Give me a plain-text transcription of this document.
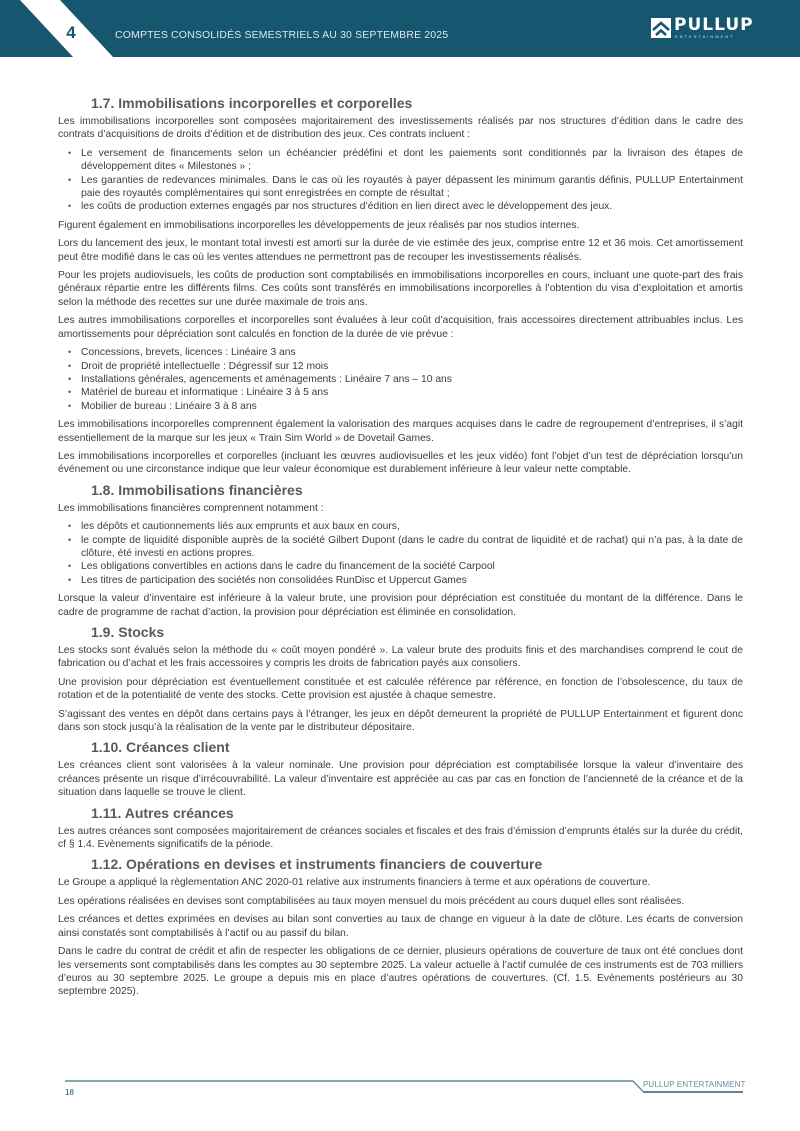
4	COMPTES CONSOLIDÉS SEMESTRIELS AU 30 SEPTEMBRE 2025	PULLUP
ENTERTAINMENT
1.7. Immobilisations incorporelles et corporelles

Les immobilisations incorporelles sont composées majoritairement des investissements réalisés par nos structures d’édition dans le cadre des contrats d’acquisitions de droits d’édition et de distribution des jeux. Ces contrats incluent :

• Le versement de financements selon un échéancier prédéfini et dont les paiements sont conditionnés par la livraison des étapes de développement dites « Milestones » ;
• Les garanties de redevances minimales. Dans le cas où les royautés à payer dépassent les minimum garantis définis, PULLUP Entertainment paie des royautés complémentaires qui sont enregistrées en compte de résultat ;
• les coûts de production externes engagés par nos structures d’édition en lien direct avec le développement des jeux.

Figurent également en immobilisations incorporelles les développements de jeux réalisés par nos studios internes.

Lors du lancement des jeux, le montant total investi est amorti sur la durée de vie estimée des jeux, comprise entre 12 et 36 mois. Cet amortissement peut être modifié dans le cas où les ventes attendues ne permettront pas de recouper les investissements réalisés.

Pour les projets audiovisuels, les coûts de production sont comptabilisés en immobilisations incorporelles en cours, incluant une quote-part des frais généraux répartie entre les différents films. Ces coûts sont transférés en immobilisations incorporelles à l’obtention du visa d’exploitation et amortis selon la méthode des recettes sur une durée maximale de trois ans.

Les autres immobilisations corporelles et incorporelles sont évaluées à leur coût d’acquisition, frais accessoires directement attribuables inclus. Les amortissements pour dépréciation sont calculés en fonction de la durée de vie prévue :

• Concessions, brevets, licences : Linéaire 3 ans
• Droit de propriété intellectuelle : Dégressif sur 12 mois
• Installations générales, agencements et aménagements : Linéaire 7 ans – 10 ans
• Matériel de bureau et informatique : Linéaire 3 à 5 ans
• Mobilier de bureau : Linéaire 3 à 8 ans

Les immobilisations incorporelles comprennent également la valorisation des marques acquises dans le cadre de regroupement d’entreprises, il s’agit essentiellement de la marque sur les jeux « Train Sim World » de Dovetail Games.

Les immobilisations incorporelles et corporelles (incluant les œuvres audiovisuelles et les jeux vidéo) font l’objet d’un test de dépréciation lorsqu’un événement ou une circonstance indique que leur valeur économique est durablement inférieure à leur valeur nette comptable.

1.8. Immobilisations financières

Les immobilisations financières comprennent notamment :

• les dépôts et cautionnements liés aux emprunts et aux baux en cours,
• le compte de liquidité disponible auprès de la société Gilbert Dupont (dans le cadre du contrat de liquidité et de rachat) qui n’a pas, à la date de clôture, été investi en actions propres.
• Les obligations convertibles en actions dans le cadre du financement de la société Carpool
• Les titres de participation des sociétés non consolidées RunDisc et Uppercut Games

Lorsque la valeur d’inventaire est inférieure à la valeur brute, une provision pour dépréciation est constituée du montant de la différence. Dans le cadre de programme de rachat d’action, la provision pour dépréciation est éliminée en consolidation.

1.9. Stocks

Les stocks sont évalués selon la méthode du « coût moyen pondéré ». La valeur brute des produits finis et des marchandises comprend le cout de fabrication ou d’achat et les frais accessoires y compris les droits de fabrication payés aux consoliers.

Une provision pour dépréciation est éventuellement constituée et est calculée référence par référence, en fonction de l’obsolescence, du taux de rotation et de la potentialité de vente des stocks. Cette provision est ajustée à chaque semestre.

S’agissant des ventes en dépôt dans certains pays à l’étranger, les jeux en dépôt demeurent la propriété de PULLUP Entertainment et figurent donc dans son stock jusqu’à la réalisation de la vente par le distributeur dépositaire.

1.10. Créances client

Les créances client sont valorisées à la valeur nominale. Une provision pour dépréciation est comptabilisée lorsque la valeur d’inventaire des créances présente un risque d’irrécouvrabilité. La valeur d’inventaire est appréciée au cas par cas en fonction de l’ancienneté de la créance et de la situation dans laquelle se trouve le client.

1.11. Autres créances

Les autres créances sont composées majoritairement de créances sociales et fiscales et des frais d’émission d’emprunts étalés sur la durée du crédit, cf § 1.4. Evènements significatifs de la période.

1.12. Opérations en devises et instruments financiers de couverture

Le Groupe a appliqué la règlementation ANC 2020-01 relative aux instruments financiers à terme et aux opérations de couverture.

Les opérations réalisées en devises sont comptabilisées au taux moyen mensuel du mois précédent au cours duquel elles sont réalisées.

Les créances et dettes exprimées en devises au bilan sont converties au taux de change en vigueur à la date de clôture. Les écarts de conversion ainsi constatés sont comptabilisés à l’actif ou au passif du bilan.

Dans le cadre du contrat de crédit et afin de respecter les obligations de ce dernier, plusieurs opérations de couverture de taux ont été conclues dont les versements sont comptabilisés dans les comptes au 30 septembre 2025. La valeur actuelle à l’actif cumulée de ces instruments est de 703 milliers d’euros au 30 septembre 2025. Le groupe a depuis mis en place d’autres opérations de couvertures. (Cf. 1.5. Evènements postérieurs au 30 septembre 2025).

PULLUP ENTERTAINMENT
18
